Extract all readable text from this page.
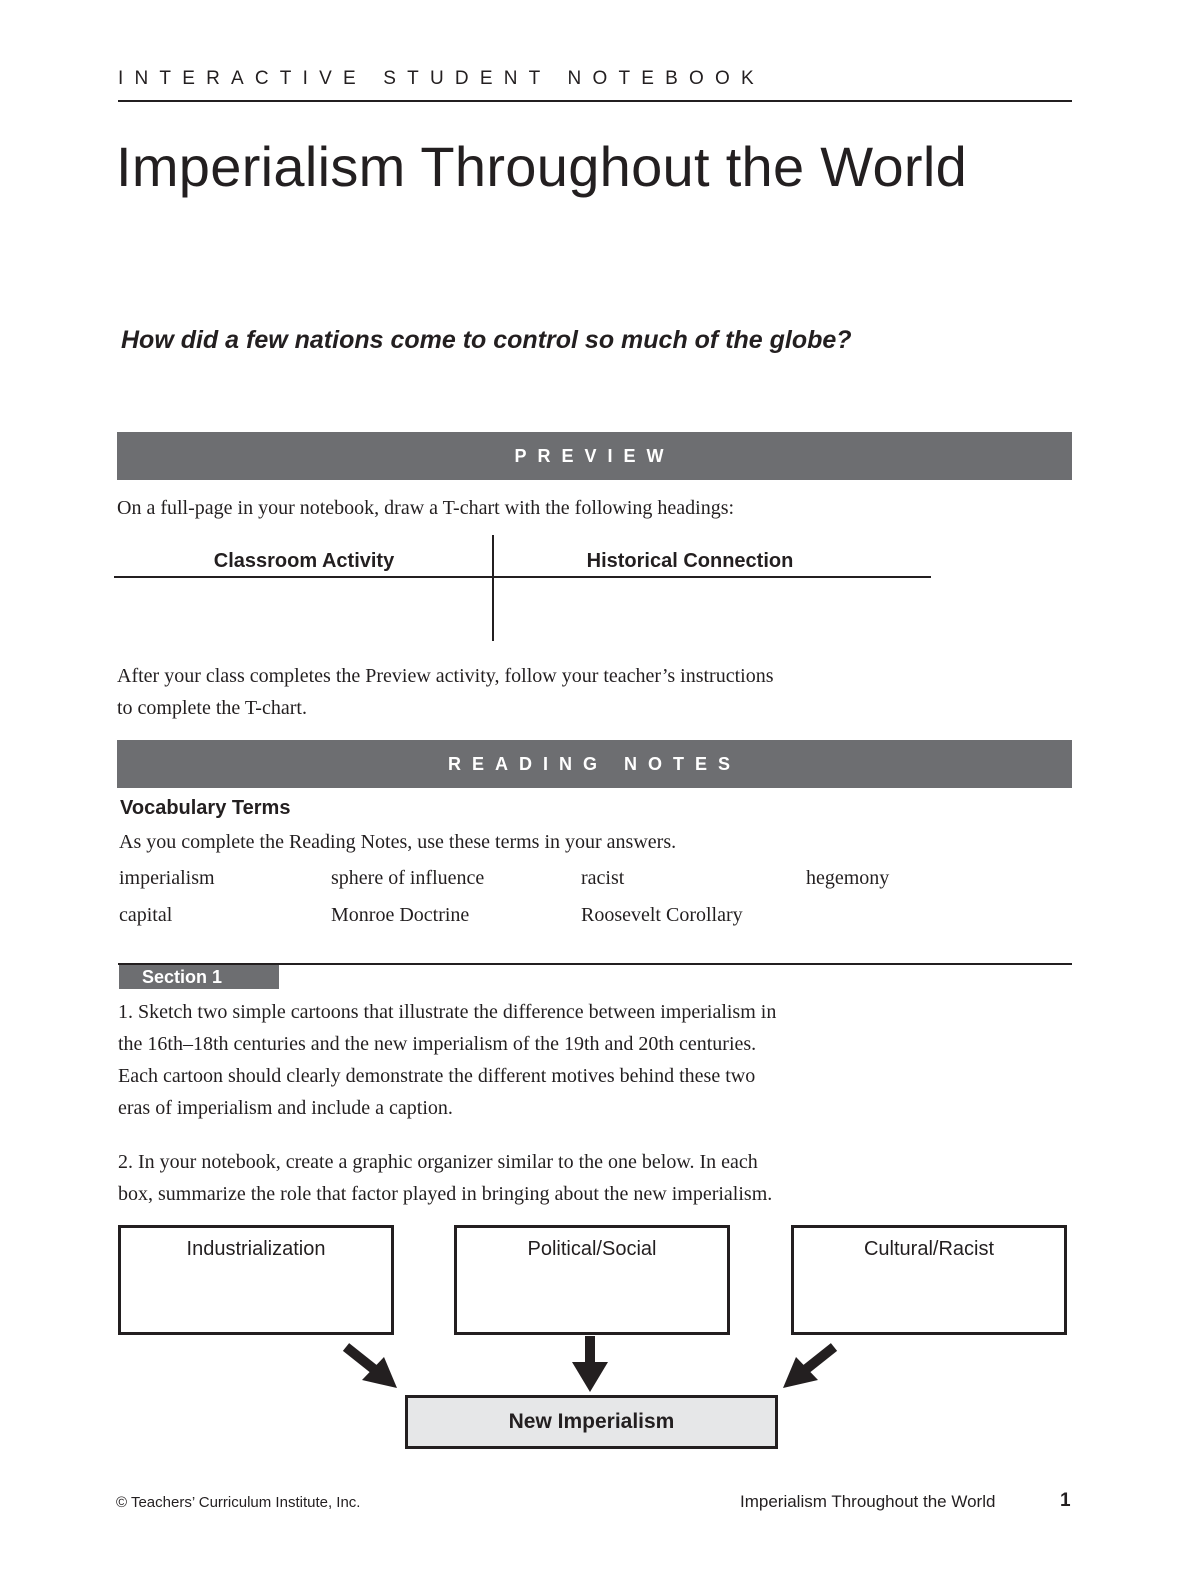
INTERACTIVE STUDENT NOTEBOOK
Imperialism Throughout the World
How did a few nations come to control so much of the globe?
PREVIEW
On a full-page in your notebook, draw a T-chart with the following headings:
Classroom Activity	Historical Connection
After your class completes the Preview activity, follow your teacher’s instructions
to complete the T-chart.
READING NOTES
Vocabulary Terms
As you complete the Reading Notes, use these terms in your answers.
imperialism	sphere of influence	racist	hegemony
capital	Monroe Doctrine	Roosevelt Corollary
Section 1
1. Sketch two simple cartoons that illustrate the difference between imperialism in
the 16th–18th centuries and the new imperialism of the 19th and 20th centuries.
Each cartoon should clearly demonstrate the different motives behind these two
eras of imperialism and include a caption.
2. In your notebook, create a graphic organizer similar to the one below. In each
box, summarize the role that factor played in bringing about the new imperialism.
Industrialization	Political/Social	Cultural/Racist
New Imperialism
© Teachers’ Curriculum Institute, Inc.	Imperialism Throughout the World	1
